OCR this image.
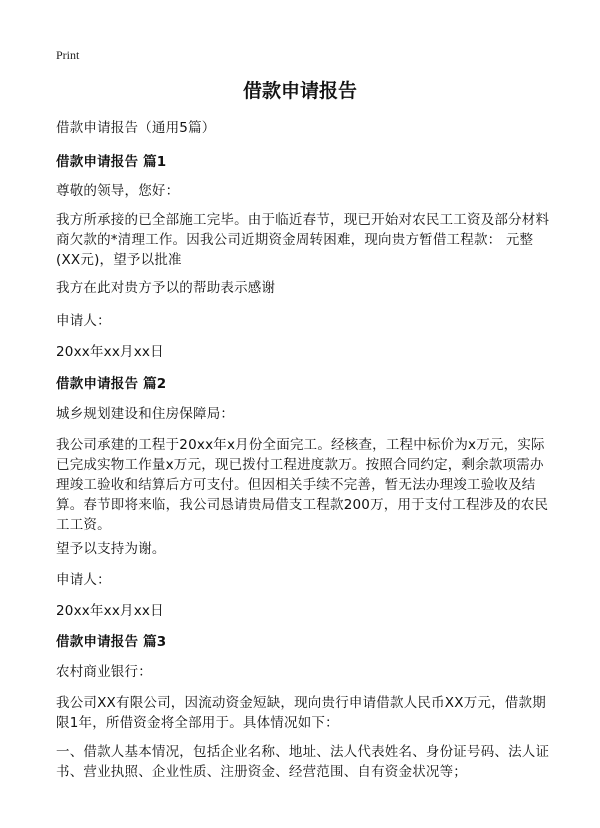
Print
借款申请报告

借款申请报告（通用5篇）

借款申请报告 篇1

尊敬的领导，您好：

我方所承接的已全部施工完毕。由于临近春节，现已开始对农民工工资及部分材料商欠款的*清理工作。因我公司近期资金周转困难，现向贵方暂借工程款： 元整(XX元)，望予以批准

我方在此对贵方予以的帮助表示感谢

申请人：

20xx年xx月xx日

借款申请报告 篇2

城乡规划建设和住房保障局：

我公司承建的工程于20xx年x月份全面完工。经核查，工程中标价为x万元，实际已完成实物工作量x万元，现已拨付工程进度款万。按照合同约定，剩余款项需办理竣工验收和结算后方可支付。但因相关手续不完善，暂无法办理竣工验收及结算。春节即将来临，我公司恳请贵局借支工程款200万，用于支付工程涉及的农民工工资。

望予以支持为谢。

申请人：

20xx年xx月xx日

借款申请报告 篇3

农村商业银行：

我公司XX有限公司，因流动资金短缺，现向贵行申请借款人民币XX万元，借款期限1年，所借资金将全部用于。具体情况如下：

一、借款人基本情况，包括企业名称、地址、法人代表姓名、身份证号码、法人证书、营业执照、企业性质、注册资金、经营范围、自有资金状况等；
